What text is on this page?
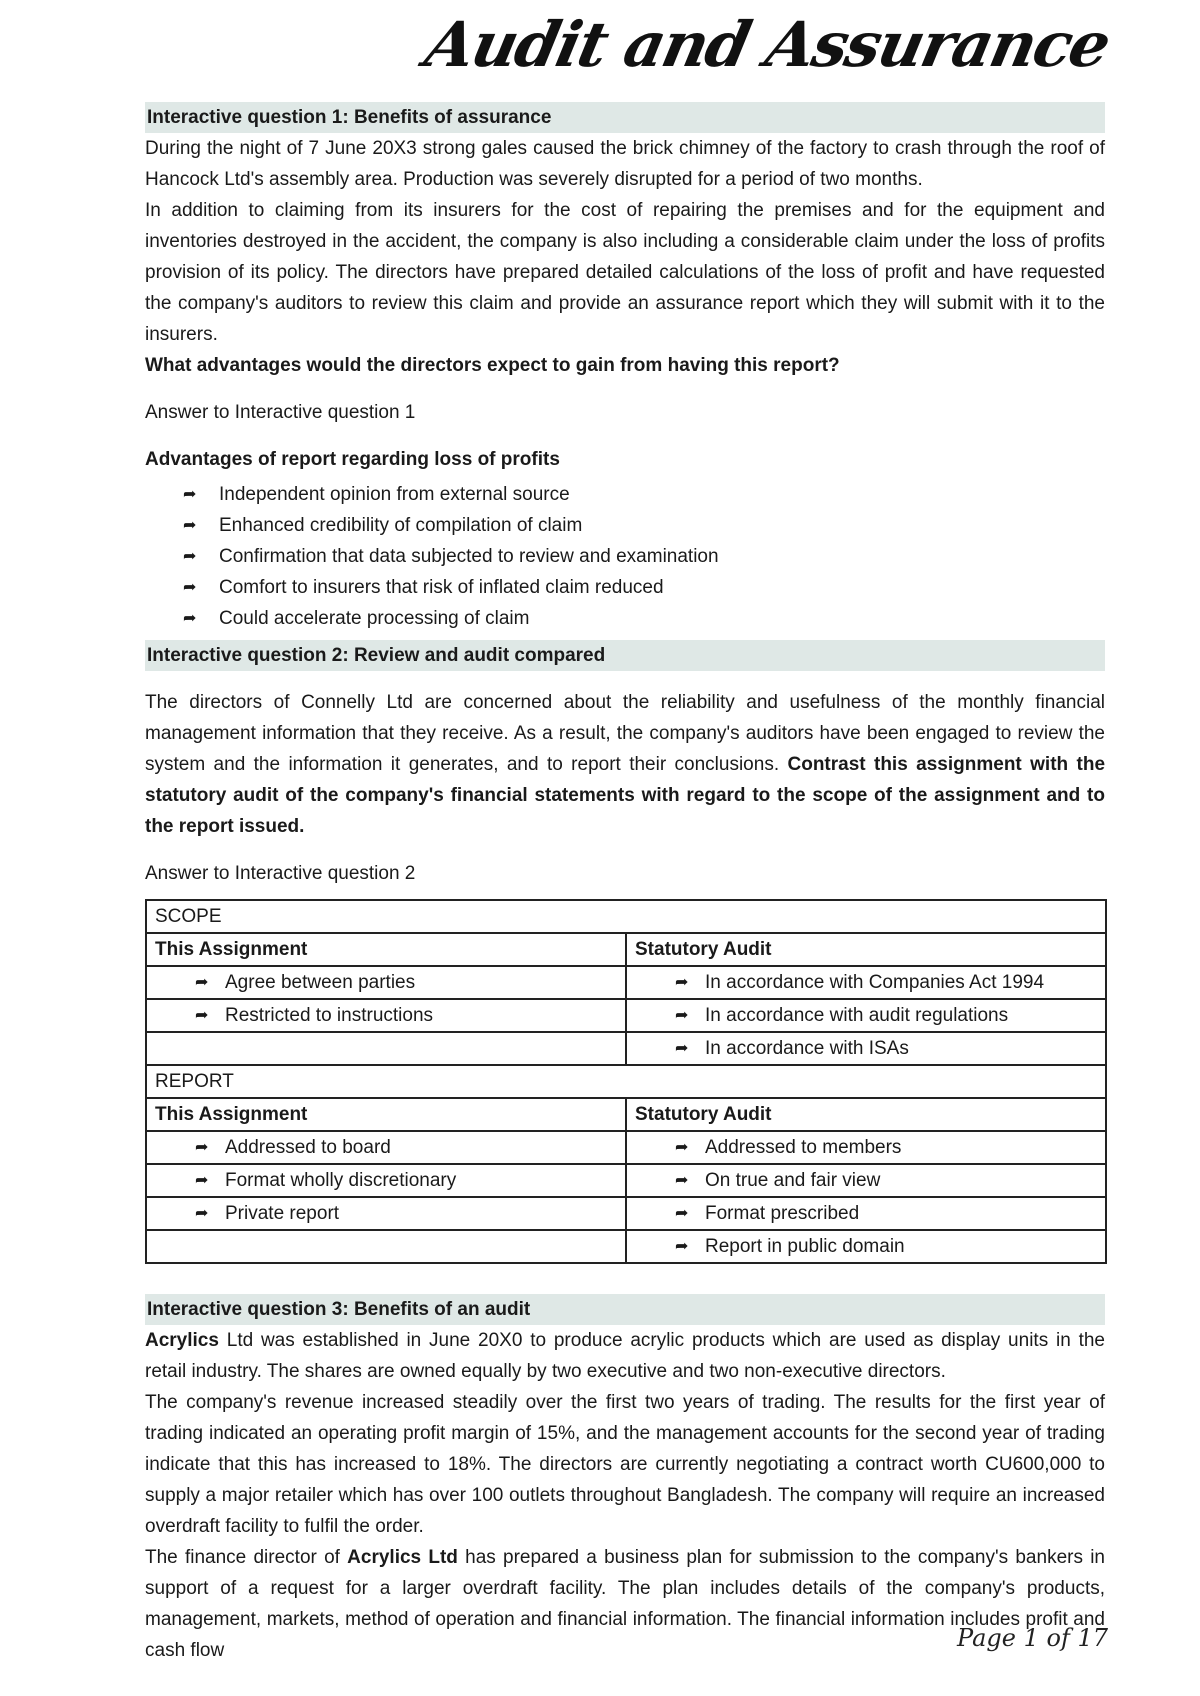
Audit and Assurance
Interactive question 1: Benefits of assurance

During the night of 7 June 20X3 strong gales caused the brick chimney of the factory to crash through the roof of Hancock Ltd's assembly area. Production was severely disrupted for a period of two months.

In addition to claiming from its insurers for the cost of repairing the premises and for the equipment and inventories destroyed in the accident, the company is also including a considerable claim under the loss of profits provision of its policy. The directors have prepared detailed calculations of the loss of profit and have requested the company's auditors to review this claim and provide an assurance report which they will submit with it to the insurers.

What advantages would the directors expect to gain from having this report?

Answer to Interactive question 1

Advantages of report regarding loss of profits

➦	Independent opinion from external source
➦	Enhanced credibility of compilation of claim
➦	Confirmation that data subjected to review and examination
➦	Comfort to insurers that risk of inflated claim reduced
➦	Could accelerate processing of claim
Interactive question 2: Review and audit compared

The directors of Connelly Ltd are concerned about the reliability and usefulness of the monthly financial management information that they receive. As a result, the company's auditors have been engaged to review the system and the information it generates, and to report their conclusions. Contrast this assignment with the statutory audit of the company's financial statements with regard to the scope of the assignment and to the report issued.

Answer to Interactive question 2

SCOPE	
This Assignment	Statutory Audit

➦ Agree between parties	➦ In accordance with Companies Act 1994

➦ Restricted to instructions	➦ In accordance with audit regulations

	➦ In accordance with ISAs

REPORT	
This Assignment	Statutory Audit

➦ Addressed to board	➦ Addressed to members

➦ Format wholly discretionary	➦ On true and fair view

➦ Private report	➦ Format prescribed

	➦ Report in public domain
Interactive question 3: Benefits of an audit

Acrylics Ltd was established in June 20X0 to produce acrylic products which are used as display units in the retail industry. The shares are owned equally by two executive and two non-executive directors.

The company's revenue increased steadily over the first two years of trading. The results for the first year of trading indicated an operating profit margin of 15%, and the management accounts for the second year of trading indicate that this has increased to 18%. The directors are currently negotiating a contract worth CU600,000 to supply a major retailer which has over 100 outlets throughout Bangladesh. The company will require an increased overdraft facility to fulfil the order.

The finance director of Acrylics Ltd has prepared a business plan for submission to the company's bankers in support of a request for a larger overdraft facility. The plan includes details of the company's products, management, markets, method of operation and financial information. The financial information includes profit and cash flow	Page 1 of 17
